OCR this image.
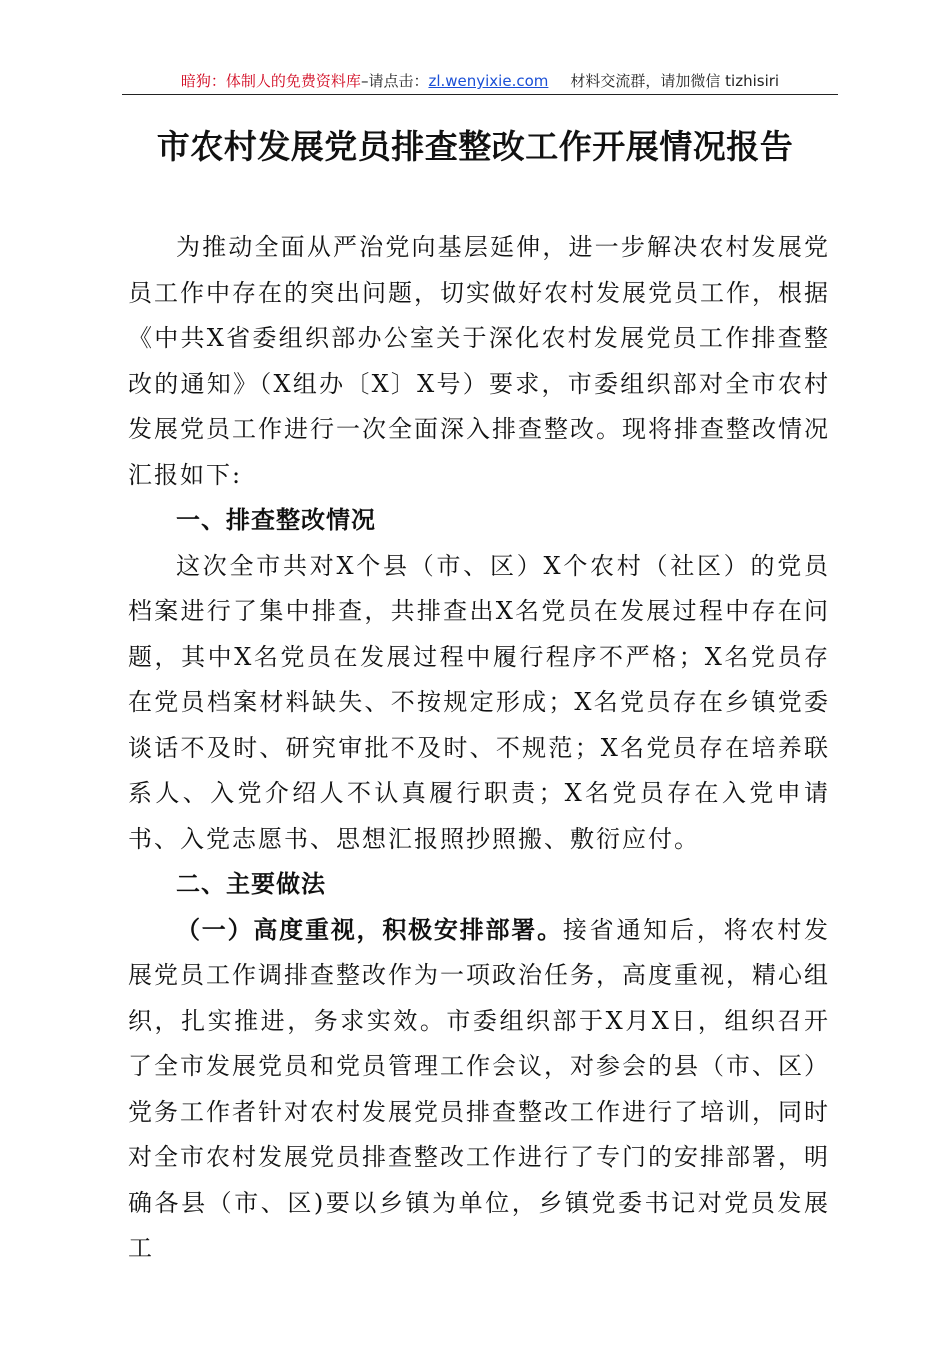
暗狗：体制人的免费资料库–请点击：zl.wenyixie.com 材料交流群，请加微信 tizhisiri
市农村发展党员排查整改工作开展情况报告

为推动全面从严治党向基层延伸，进一步解决农村发展党员工作中存在的突出问题，切实做好农村发展党员工作，根据《中共X省委组织部办公室关于深化农村发展党员工作排查整改的通知》（X组办〔X〕X号）要求，市委组织部对全市农村发展党员工作进行一次全面深入排查整改。现将排查整改情况汇报如下:

一、排查整改情况

这次全市共对X个县（市、区）X个农村（社区）的党员档案进行了集中排查，共排查出X名党员在发展过程中存在问题，其中X名党员在发展过程中履行程序不严格；X名党员存在党员档案材料缺失、不按规定形成；X名党员存在乡镇党委谈话不及时、研究审批不及时、不规范；X名党员存在培养联系人、入党介绍人不认真履行职责；X名党员存在入党申请书、入党志愿书、思想汇报照抄照搬、敷衍应付。

二、主要做法

（一）高度重视，积极安排部署。接省通知后，将农村发展党员工作调排查整改作为一项政治任务，高度重视，精心组织，扎实推进，务求实效。市委组织部于X月X日，组织召开了全市发展党员和党员管理工作会议，对参会的县（市、区）党务工作者针对农村发展党员排查整改工作进行了培训，同时对全市农村发展党员排查整改工作进行了专门的安排部署，明确各县（市、区)要以乡镇为单位，乡镇党委书记对党员发展工
